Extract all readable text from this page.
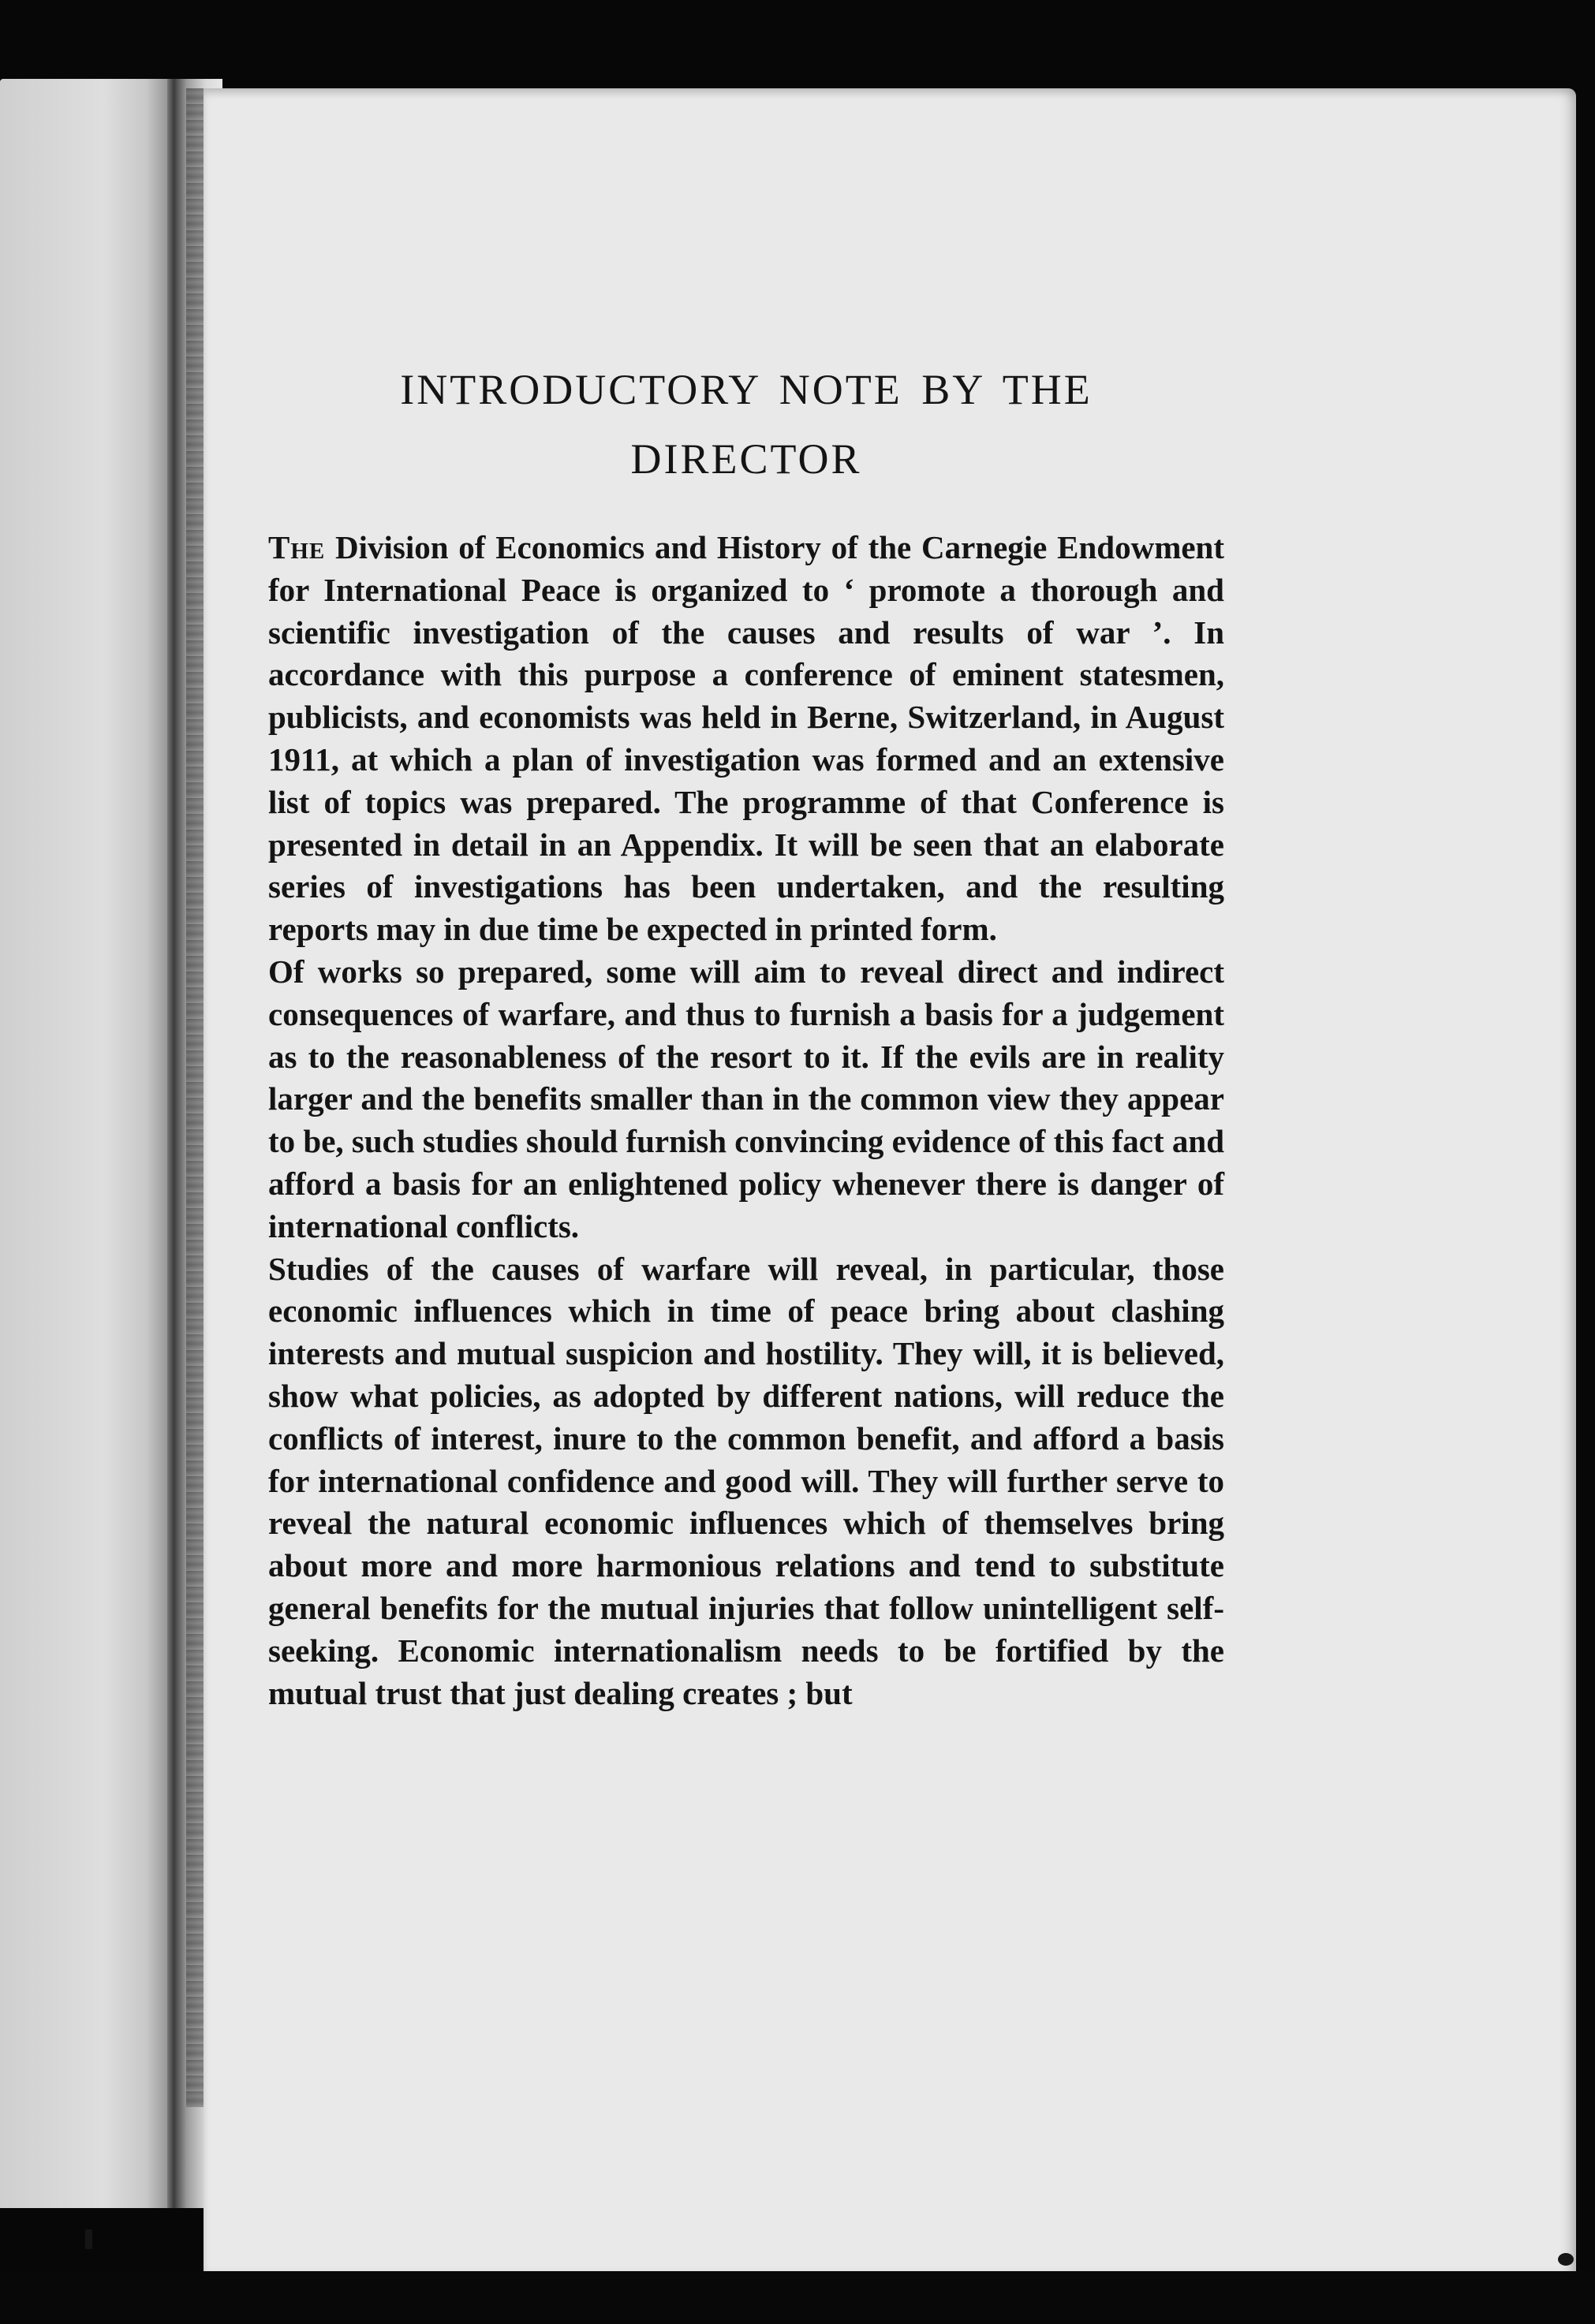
INTRODUCTORY NOTE BY THE
DIRECTOR

The Division of Economics and History of the Carnegie Endowment for International Peace is organized to ‘ promote a thorough and scientific investigation of the causes and results of war ’. In accordance with this purpose a conference of eminent statesmen, publicists, and economists was held in Berne, Switzerland, in August 1911, at which a plan of investigation was formed and an extensive list of topics was prepared. The programme of that Conference is presented in detail in an Appendix. It will be seen that an elaborate series of investigations has been undertaken, and the resulting reports may in due time be expected in printed form.

Of works so prepared, some will aim to reveal direct and indirect consequences of warfare, and thus to furnish a basis for a judgement as to the reasonableness of the resort to it. If the evils are in reality larger and the benefits smaller than in the common view they appear to be, such studies should furnish convincing evidence of this fact and afford a basis for an enlightened policy whenever there is danger of international conflicts.

Studies of the causes of warfare will reveal, in particular, those economic influences which in time of peace bring about clashing interests and mutual suspicion and hostility. They will, it is believed, show what policies, as adopted by different nations, will reduce the conflicts of interest, inure to the common benefit, and afford a basis for international confidence and good will. They will further serve to reveal the natural economic influences which of themselves bring about more and more harmonious relations and tend to substitute general benefits for the mutual injuries that follow unintelligent self-seeking. Economic internationalism needs to be fortified by the mutual trust that just dealing creates ; but
